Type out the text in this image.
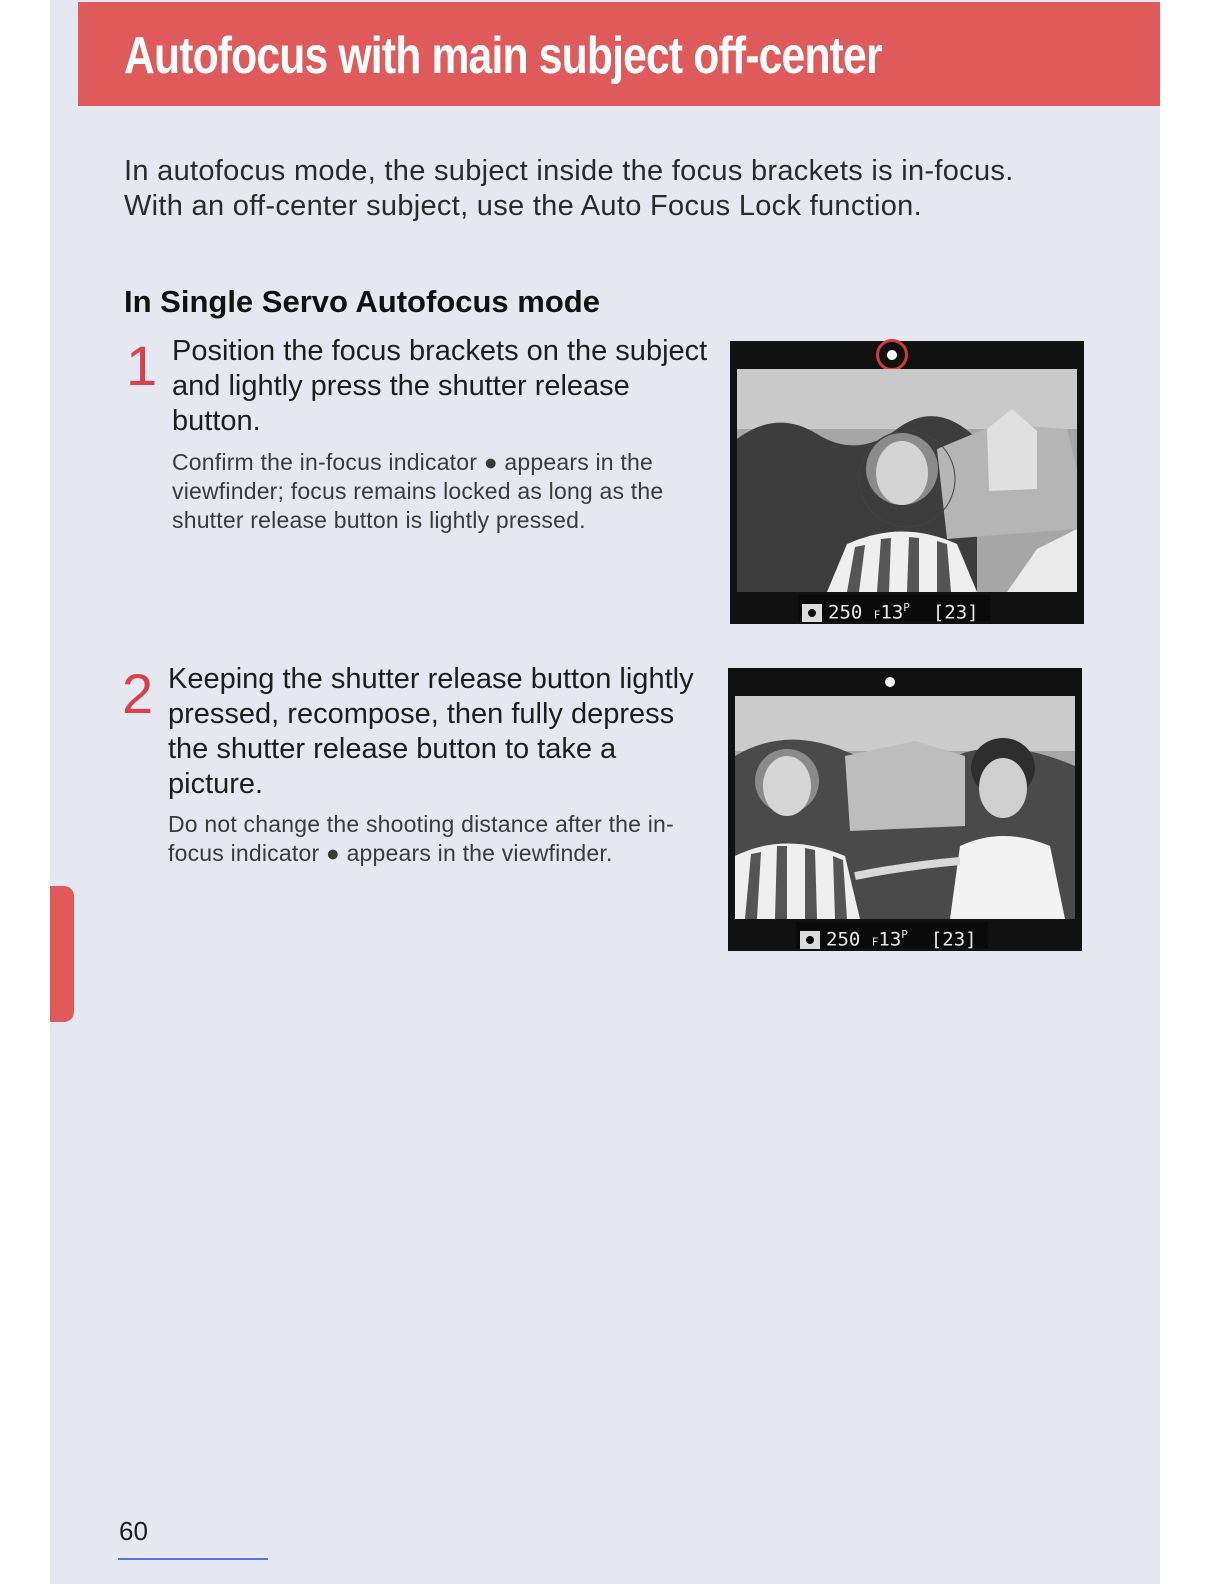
Autofocus with main subject off-center

In autofocus mode, the subject inside the focus brackets is in-focus. With an off-center subject, use the Auto Focus Lock function.

In Single Servo Autofocus mode
1 Position the focus brackets on the subject and lightly press the shutter release button.

Confirm the in-focus indicator ● appears in the viewfinder; focus remains locked as long as the shutter release button is lightly pressed.

250 $F13^P$ [23]
2 Keeping the shutter release button lightly pressed, recompose, then fully depress the shutter release button to take a picture.

Do not change the shooting distance after the in-focus indicator ● appears in the viewfinder.

250 $F13^P$ [23]
60
